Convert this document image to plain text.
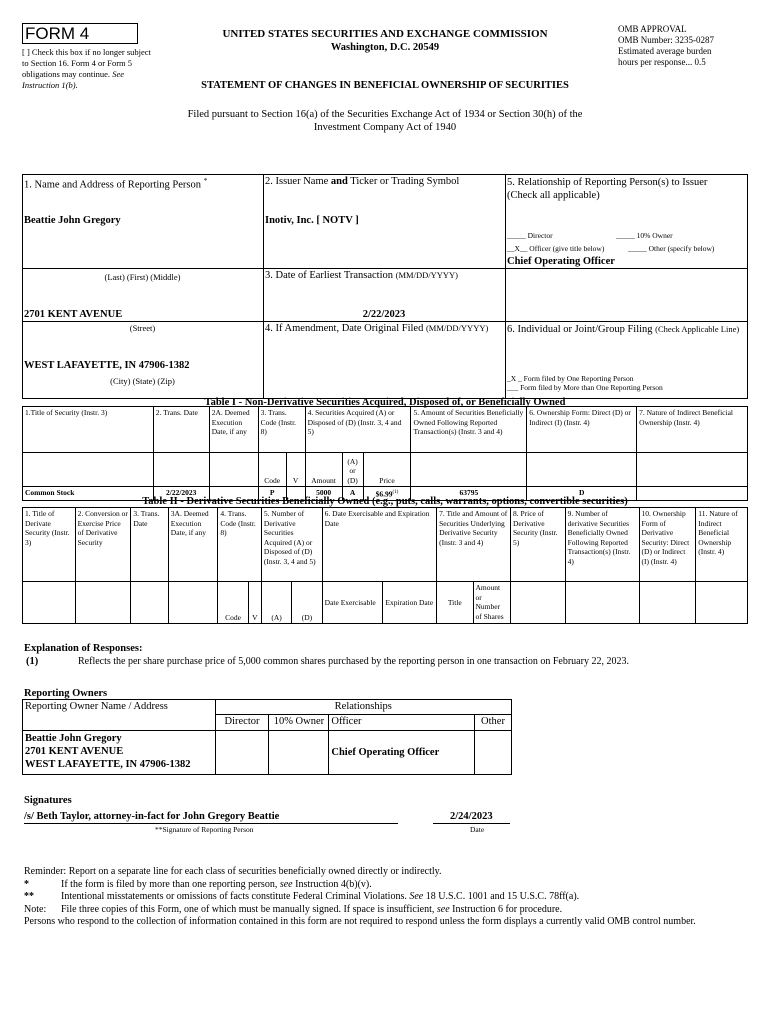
FORM 4
[ ] Check this box if no longer subject to Section 16. Form 4 or Form 5 obligations may continue. See Instruction 1(b).
UNITED STATES SECURITIES AND EXCHANGE COMMISSION
Washington, D.C. 20549
OMB APPROVAL
OMB Number: 3235-0287
Estimated average burden
hours per response... 0.5
STATEMENT OF CHANGES IN BENEFICIAL OWNERSHIP OF SECURITIES
Filed pursuant to Section 16(a) of the Securities Exchange Act of 1934 or Section 30(h) of the
Investment Company Act of 1940
1. Name and Address of Reporting Person *
Beattie John Gregory
(Last) (First) (Middle)
2701 KENT AVENUE
(Street)
WEST LAFAYETTE, IN 47906-1382
(City) (State) (Zip)
2. Issuer Name and Ticker or Trading Symbol
Inotiv, Inc. [ NOTV ]
3. Date of Earliest Transaction (MM/DD/YYYY)
2/22/2023
4. If Amendment, Date Original Filed (MM/DD/YYYY)
5. Relationship of Reporting Person(s) to Issuer
(Check all applicable)
_____ Director	_____ 10% Owner
__X__ Officer (give title below)	_____ Other (specify below)
Chief Operating Officer
6. Individual or Joint/Group Filing (Check Applicable Line)
_X _ Form filed by One Reporting Person
___ Form filed by More than One Reporting Person
Table I - Non-Derivative Securities Acquired, Disposed of, or Beneficially Owned
1.Title of Security (Instr. 3)	2. Trans. Date	2A. Deemed Execution Date, if any	3. Trans. Code (Instr. 8)		4. Securities Acquired (A) or Disposed of (D) (Instr. 3, 4 and 5)			5. Amount of Securities Beneficially Owned Following Reported Transaction(s) (Instr. 3 and 4)	6. Ownership Form: Direct (D) or Indirect (I) (Instr. 4)	7. Nature of Indirect Beneficial Ownership (Instr. 4)
			Code	V	Amount	(A) or (D)	Price			
Common Stock	2/22/2023		P		5000	A	$6.99$^{(1)}$	63795	D	
Table II - Derivative Securities Beneficially Owned (e.g., puts, calls, warrants, options, convertible securities)
1. Title of Derivate Security (Instr. 3)	2. Conversion or Exercise Price of Derivative Security	3. Trans. Date	3A. Deemed Execution Date, if any	4. Trans. Code (Instr. 8)		5. Number of Derivative Securities Acquired (A) or Disposed of (D) (Instr. 3, 4 and 5)		6. Date Exercisable and Expiration Date		7. Title and Amount of Securities Underlying Derivative Security (Instr. 3 and 4)		8. Price of Derivative Security (Instr. 5)	9. Number of derivative Securities Beneficially Owned Following Reported Transaction(s) (Instr. 4)	10. Ownership Form of Derivative Security: Direct (D) or Indirect (I) (Instr. 4)	11. Nature of Indirect Beneficial Ownership (Instr. 4)
				Code	V	(A)	(D)	Date Exercisable	Expiration Date	Title	Amount or Number of Shares				
Explanation of Responses:
(1)	Reflects the per share purchase price of 5,000 common shares purchased by the reporting person in one transaction on February 22, 2023.
Reporting Owners
Reporting Owner Name / Address	Relationships			
	Director	10% Owner	Officer	Other

Beattie John Gregory
2701 KENT AVENUE
WEST LAFAYETTE, IN 47906-1382			Chief Operating Officer	
Signatures
/s/ Beth Taylor, attorney-in-fact for John Gregory Beattie	2/24/2023
**Signature of Reporting Person	Date
Reminder: Report on a separate line for each class of securities beneficially owned directly or indirectly.
*	If the form is filed by more than one reporting person, see Instruction 4(b)(v).
**	Intentional misstatements or omissions of facts constitute Federal Criminal Violations. See 18 U.S.C. 1001 and 15 U.S.C. 78ff(a).
Note: File three copies of this Form, one of which must be manually signed. If space is insufficient, see Instruction 6 for procedure.
Persons who respond to the collection of information contained in this form are not required to respond unless the form displays a currently valid OMB control number.
